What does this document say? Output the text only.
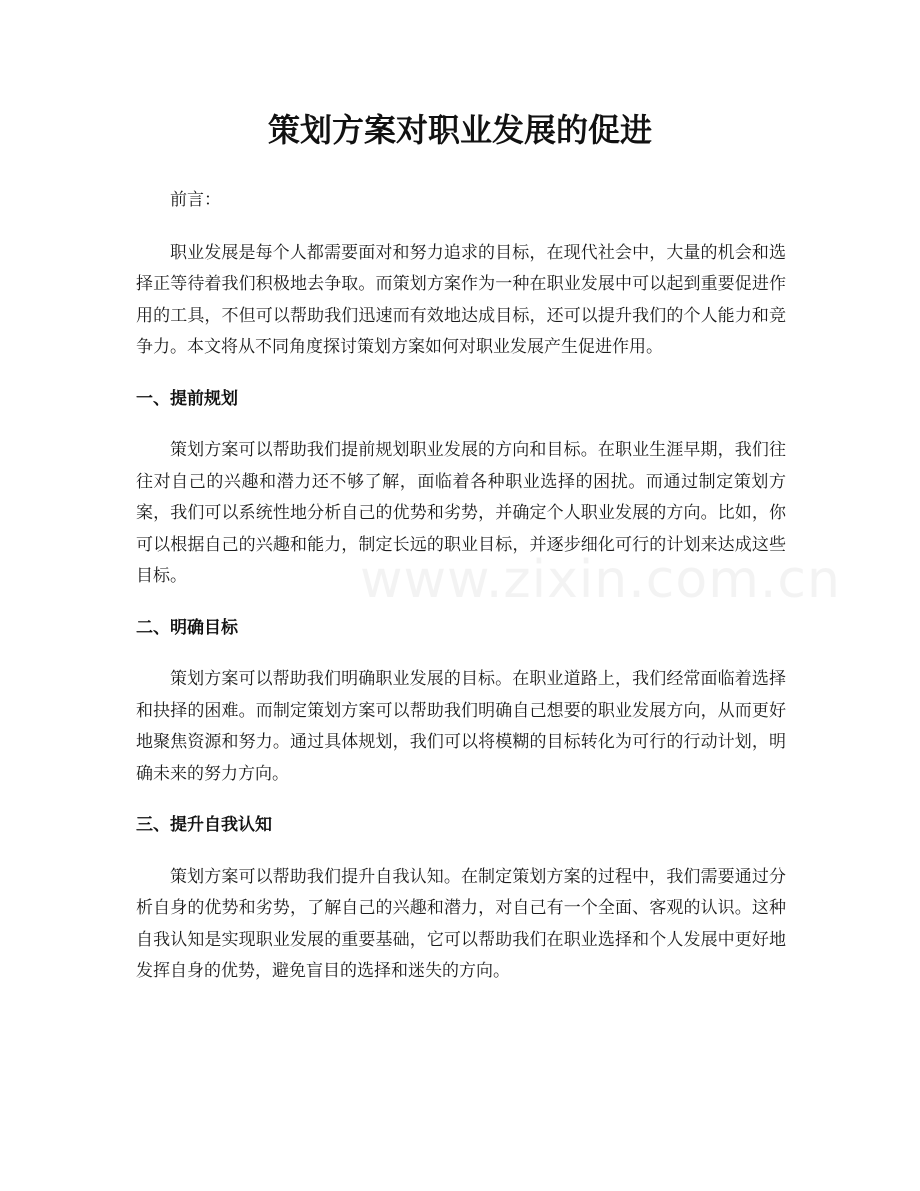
www.zixin.com.cn
策划方案对职业发展的促进

前言：

职业发展是每个人都需要面对和努力追求的目标，在现代社会中，大量的机会和选择正等待着我们积极地去争取。而策划方案作为一种在职业发展中可以起到重要促进作用的工具，不但可以帮助我们迅速而有效地达成目标，还可以提升我们的个人能力和竞争力。本文将从不同角度探讨策划方案如何对职业发展产生促进作用。

一、提前规划

策划方案可以帮助我们提前规划职业发展的方向和目标。在职业生涯早期，我们往往对自己的兴趣和潜力还不够了解，面临着各种职业选择的困扰。而通过制定策划方案，我们可以系统性地分析自己的优势和劣势，并确定个人职业发展的方向。比如，你可以根据自己的兴趣和能力，制定长远的职业目标，并逐步细化可行的计划来达成这些目标。

二、明确目标

策划方案可以帮助我们明确职业发展的目标。在职业道路上，我们经常面临着选择和抉择的困难。而制定策划方案可以帮助我们明确自己想要的职业发展方向，从而更好地聚焦资源和努力。通过具体规划，我们可以将模糊的目标转化为可行的行动计划，明确未来的努力方向。

三、提升自我认知

策划方案可以帮助我们提升自我认知。在制定策划方案的过程中，我们需要通过分析自身的优势和劣势，了解自己的兴趣和潜力，对自己有一个全面、客观的认识。这种自我认知是实现职业发展的重要基础，它可以帮助我们在职业选择和个人发展中更好地发挥自身的优势，避免盲目的选择和迷失的方向。
